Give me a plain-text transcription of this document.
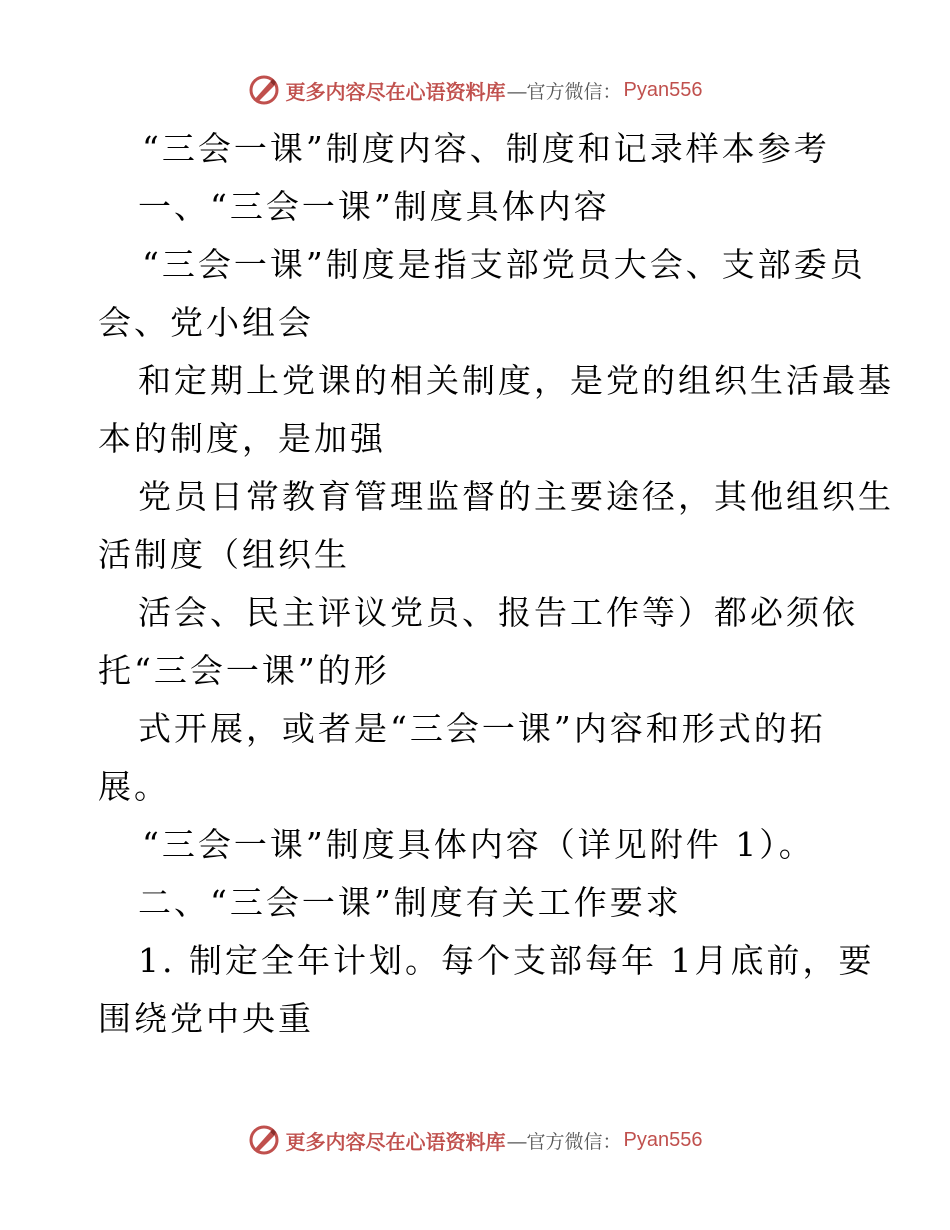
更多内容尽在心语资料库 —官方微信： Pyan556
“三会一课”制度内容、制度和记录样本参考
一、“三会一课”制度具体内容
“三会一课”制度是指支部党员大会、支部委员
会、党小组会
和定期上党课的相关制度，是党的组织生活最基
本的制度，是加强
党员日常教育管理监督的主要途径，其他组织生
活制度（组织生
活会、民主评议党员、报告工作等）都必须依
托“三会一课”的形
式开展，或者是“三会一课”内容和形式的拓
展。
“三会一课”制度具体内容（详见附件 1）。
二、“三会一课”制度有关工作要求
1. 制定全年计划。每个支部每年 1月底前，要
围绕党中央重
更多内容尽在心语资料库 —官方微信： Pyan556
